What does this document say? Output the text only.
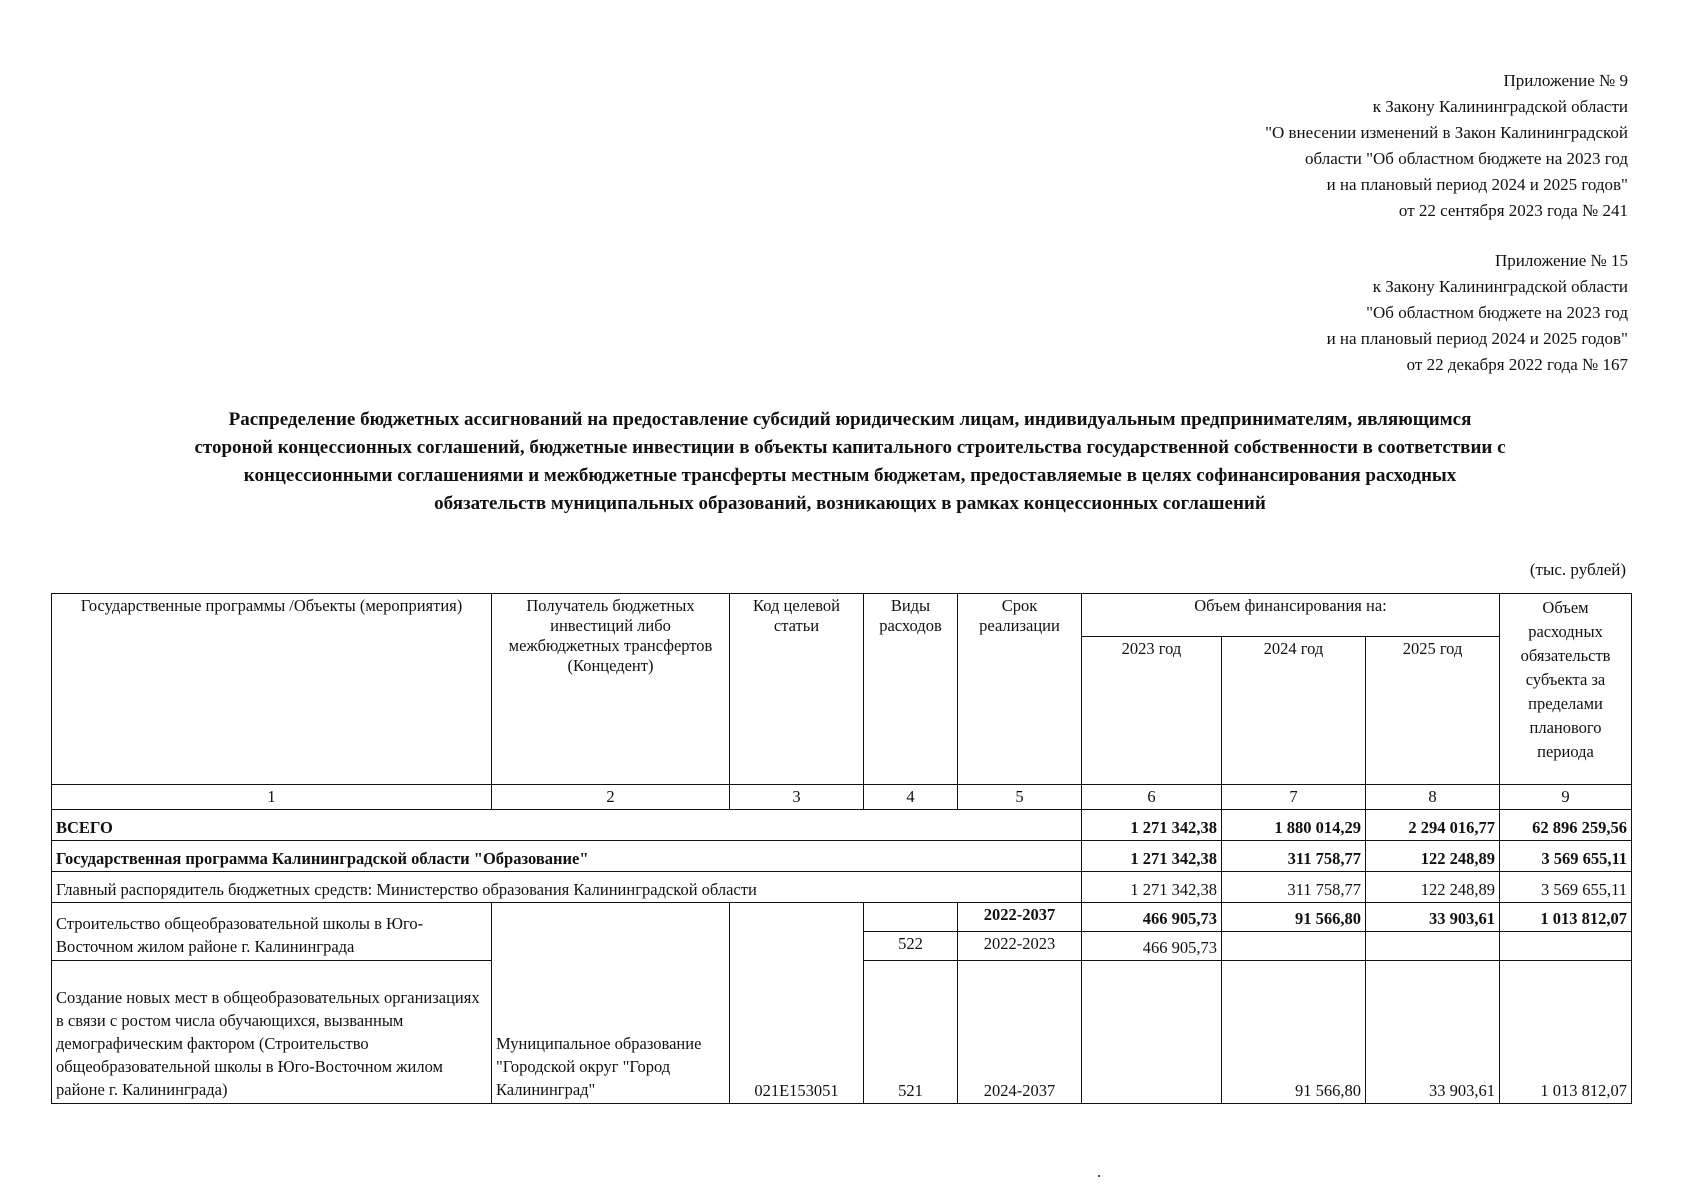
Приложение № 9
к Закону Калининградской области
"О внесении изменений в Закон Калининградской
области "Об областном бюджете на 2023 год
и на плановый период 2024 и 2025 годов"
от 22 сентября 2023 года № 241
Приложение № 15
к Закону Калининградской области
"Об областном бюджете на 2023 год
и на плановый период 2024 и 2025 годов"
от 22 декабря 2022 года № 167
Распределение бюджетных ассигнований на предоставление субсидий юридическим лицам, индивидуальным предпринимателям, являющимся
стороной концессионных соглашений, бюджетные инвестиции в объекты капитального строительства государственной собственности в соответствии с
концессионными соглашениями и межбюджетные трансферты местным бюджетам, предоставляемые в целях софинансирования расходных
обязательств муниципальных образований, возникающих в рамках концессионных соглашений
(тыс. рублей)
Государственные программы /Объекты (мероприятия)	Получатель бюджетных инвестиций либо межбюджетных трансфертов (Концедент)	Код целевой статьи	Виды расходов	Срок реализации	Объем финансирования на:			Объем расходных обязательств субъекта за пределами планового периода
					2023 год	2024 год	2025 год	
1	2	3	4	5	6	7	8	9
ВСЕГО					1 271 342,38	1 880 014,29	2 294 016,77	62 896 259,56
Государственная программа Калининградской области "Образование"					1 271 342,38	311 758,77	122 248,89	3 569 655,11
Главный распорядитель бюджетных средств: Министерство образования Калининградской области					1 271 342,38	311 758,77	122 248,89	3 569 655,11
Строительство общеобразовательной школы в Юго-Восточном жилом районе г. Калининграда	Муниципальное образование "Городской округ "Город Калининград"	021E153051		2022-2037	466 905,73	91 566,80	33 903,61	1 013 812,07
			522	2022-2023	466 905,73			
Создание новых мест в общеобразовательных организациях в связи с ростом числа обучающихся, вызванным демографическим фактором (Строительство общеобразовательной школы в Юго-Восточном жилом районе г. Калининграда)			521	2024-2037		91 566,80	33 903,61	1 013 812,07
